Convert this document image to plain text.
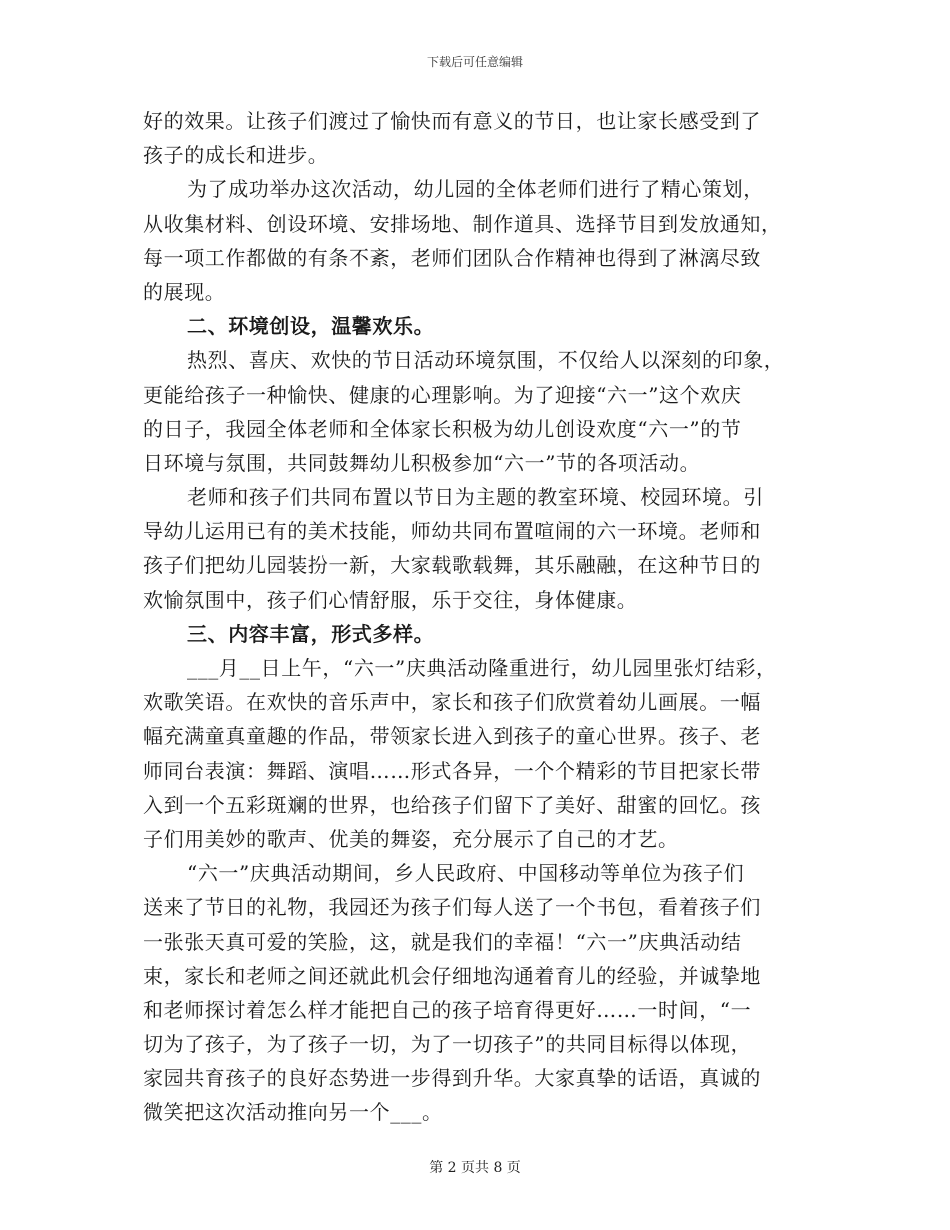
下载后可任意编辑
好的效果。让孩子们渡过了愉快而有意义的节日，也让家长感受到了
孩子的成长和进步。
为了成功举办这次活动，幼儿园的全体老师们进行了精心策划，
从收集材料、创设环境、安排场地、制作道具、选择节目到发放通知，
每一项工作都做的有条不紊，老师们团队合作精神也得到了淋漓尽致
的展现。
二、环境创设，温馨欢乐。
热烈、喜庆、欢快的节日活动环境氛围，不仅给人以深刻的印象，
更能给孩子一种愉快、健康的心理影响。为了迎接“六一”这个欢庆
的日子，我园全体老师和全体家长积极为幼儿创设欢度“六一”的节
日环境与氛围，共同鼓舞幼儿积极参加“六一”节的各项活动。
老师和孩子们共同布置以节日为主题的教室环境、校园环境。引
导幼儿运用已有的美术技能，师幼共同布置喧闹的六一环境。老师和
孩子们把幼儿园装扮一新，大家载歌载舞，其乐融融，在这种节日的
欢愉氛围中，孩子们心情舒服，乐于交往，身体健康。
三、内容丰富，形式多样。
___月__日上午，“六一”庆典活动隆重进行，幼儿园里张灯结彩，
欢歌笑语。在欢快的音乐声中，家长和孩子们欣赏着幼儿画展。一幅
幅充满童真童趣的作品，带领家长进入到孩子的童心世界。孩子、老
师同台表演：舞蹈、演唱……形式各异，一个个精彩的节目把家长带
入到一个五彩斑斓的世界，也给孩子们留下了美好、甜蜜的回忆。孩
子们用美妙的歌声、优美的舞姿，充分展示了自己的才艺。
“六一”庆典活动期间，乡人民政府、中国移动等单位为孩子们
送来了节日的礼物，我园还为孩子们每人送了一个书包，看着孩子们
一张张天真可爱的笑脸，这，就是我们的幸福！“六一”庆典活动结
束，家长和老师之间还就此机会仔细地沟通着育儿的经验，并诚挚地
和老师探讨着怎么样才能把自己的孩子培育得更好……一时间，“一
切为了孩子，为了孩子一切，为了一切孩子”的共同目标得以体现，
家园共育孩子的良好态势进一步得到升华。大家真挚的话语，真诚的
微笑把这次活动推向另一个___。
第 2 页共 8 页
